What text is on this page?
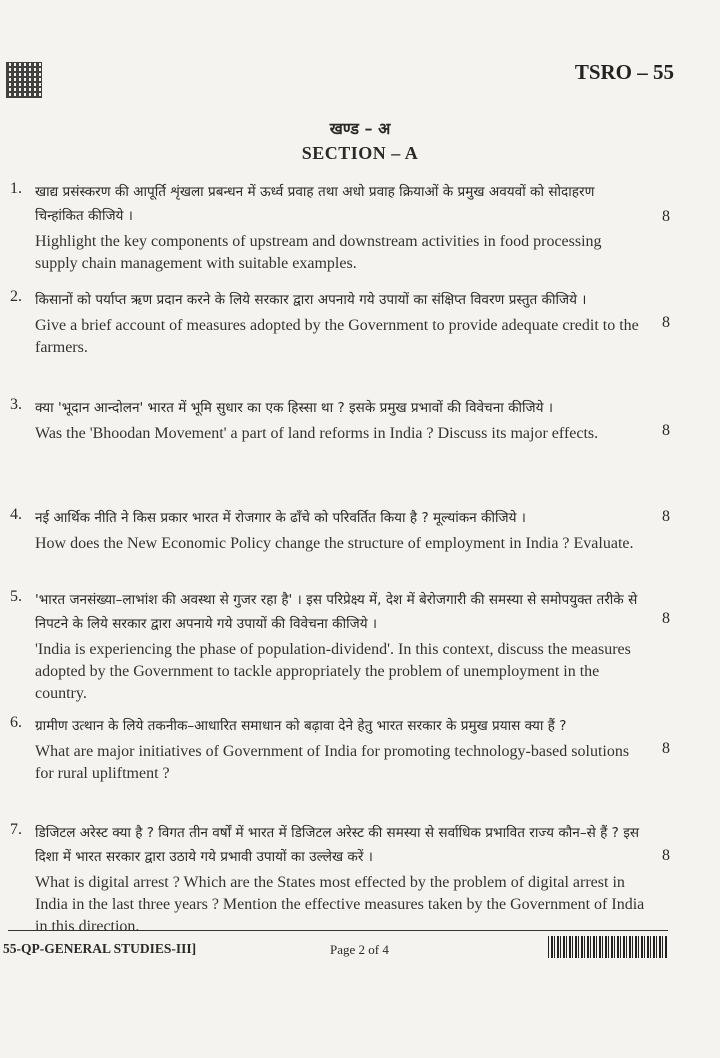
TSRO – 55
खण्ड – अ
SECTION – A
1. खाद्य प्रसंस्करण की आपूर्ति शृंखला प्रबन्धन में ऊर्ध्व प्रवाह तथा अधो प्रवाह क्रियाओं के प्रमुख अवयवों को सोदाहरण चिन्हांकित कीजिये ।
Highlight the key components of upstream and downstream activities in food processing supply chain management with suitable examples.
8
2. किसानों को पर्याप्त ऋण प्रदान करने के लिये सरकार द्वारा अपनाये गये उपायों का संक्षिप्त विवरण प्रस्तुत कीजिये ।
Give a brief account of measures adopted by the Government to provide adequate credit to the farmers.
8
3. क्या 'भूदान आन्दोलन' भारत में भूमि सुधार का एक हिस्सा था ? इसके प्रमुख प्रभावों की विवेचना कीजिये ।
Was the 'Bhoodan Movement' a part of land reforms in India ? Discuss its major effects.	8
4. नई आर्थिक नीति ने किस प्रकार भारत में रोजगार के ढाँचे को परिवर्तित किया है ? मूल्यांकन कीजिये ।
How does the New Economic Policy change the structure of employment in India ? Evaluate.
8
5. 'भारत जनसंख्या–लाभांश की अवस्था से गुजर रहा है' । इस परिप्रेक्ष्य में, देश में बेरोजगारी की समस्या से समोपयुक्त तरीके से निपटने के लिये सरकार द्वारा अपनाये गये उपायों की विवेचना कीजिये ।
'India is experiencing the phase of population-dividend'. In this context, discuss the measures adopted by the Government to tackle appropriately the problem of unemployment in the country.
8
6. ग्रामीण उत्थान के लिये तकनीक–आधारित समाधान को बढ़ावा देने हेतु भारत सरकार के प्रमुख प्रयास क्या हैं ?
What are major initiatives of Government of India for promoting technology-based solutions for rural upliftment ?
8
7. डिजिटल अरेस्ट क्या है ? विगत तीन वर्षों में भारत में डिजिटल अरेस्ट की समस्या से सर्वाधिक प्रभावित राज्य कौन–से हैं ? इस दिशा में भारत सरकार द्वारा उठाये गये प्रभावी उपायों का उल्लेख करें ।
What is digital arrest ? Which are the States most effected by the problem of digital arrest in India in the last three years ? Mention the effective measures taken by the Government of India in this direction.
8
55-QP-GENERAL STUDIES-III]	Page 2 of 4
